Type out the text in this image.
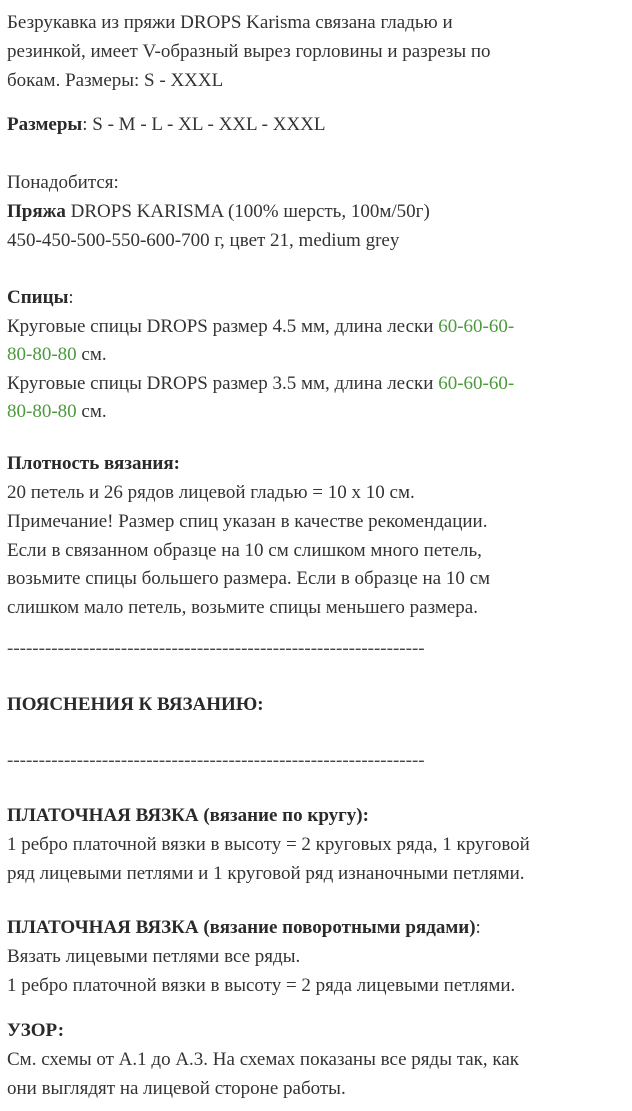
Безрукавка из пряжи DROPS Karisma связана гладью и
резинкой, имеет V-образный вырез горловины и разрезы по
бокам. Размеры: S - XXXL
Размеры: S - M - L - XL - XXL - XXXL
Понадобится:
Пряжа DROPS KARISMA (100% шерсть, 100м/50г)
450-450-500-550-600-700 г, цвет 21, medium grey
Спицы:
Круговые спицы DROPS размер 4.5 мм, длина лески 60-60-60-
80-80-80 см.
Круговые спицы DROPS размер 3.5 мм, длина лески 60-60-60-
80-80-80 см.
Плотность вязания:
20 петель и 26 рядов лицевой гладью = 10 x 10 см.
Примечание! Размер спиц указан в качестве рекомендации.
Если в связанном образце на 10 см слишком много петель,
возьмите спицы большего размера. Если в образце на 10 см
слишком мало петель, возьмите спицы меньшего размера.
------------------------------------------------------------------
ПОЯСНЕНИЯ К ВЯЗАНИЮ:
------------------------------------------------------------------
ПЛАТОЧНАЯ ВЯЗКА (вязание по кругу):
1 ребро платочной вязки в высоту = 2 круговых ряда, 1 круговой
ряд лицевыми петлями и 1 круговой ряд изнаночными петлями.
ПЛАТОЧНАЯ ВЯЗКА (вязание поворотными рядами):
Вязать лицевыми петлями все ряды.
1 ребро платочной вязки в высоту = 2 ряда лицевыми петлями.
УЗОР:
См. схемы от A.1 до A.3. На схемах показаны все ряды так, как
они выглядят на лицевой стороне работы.
